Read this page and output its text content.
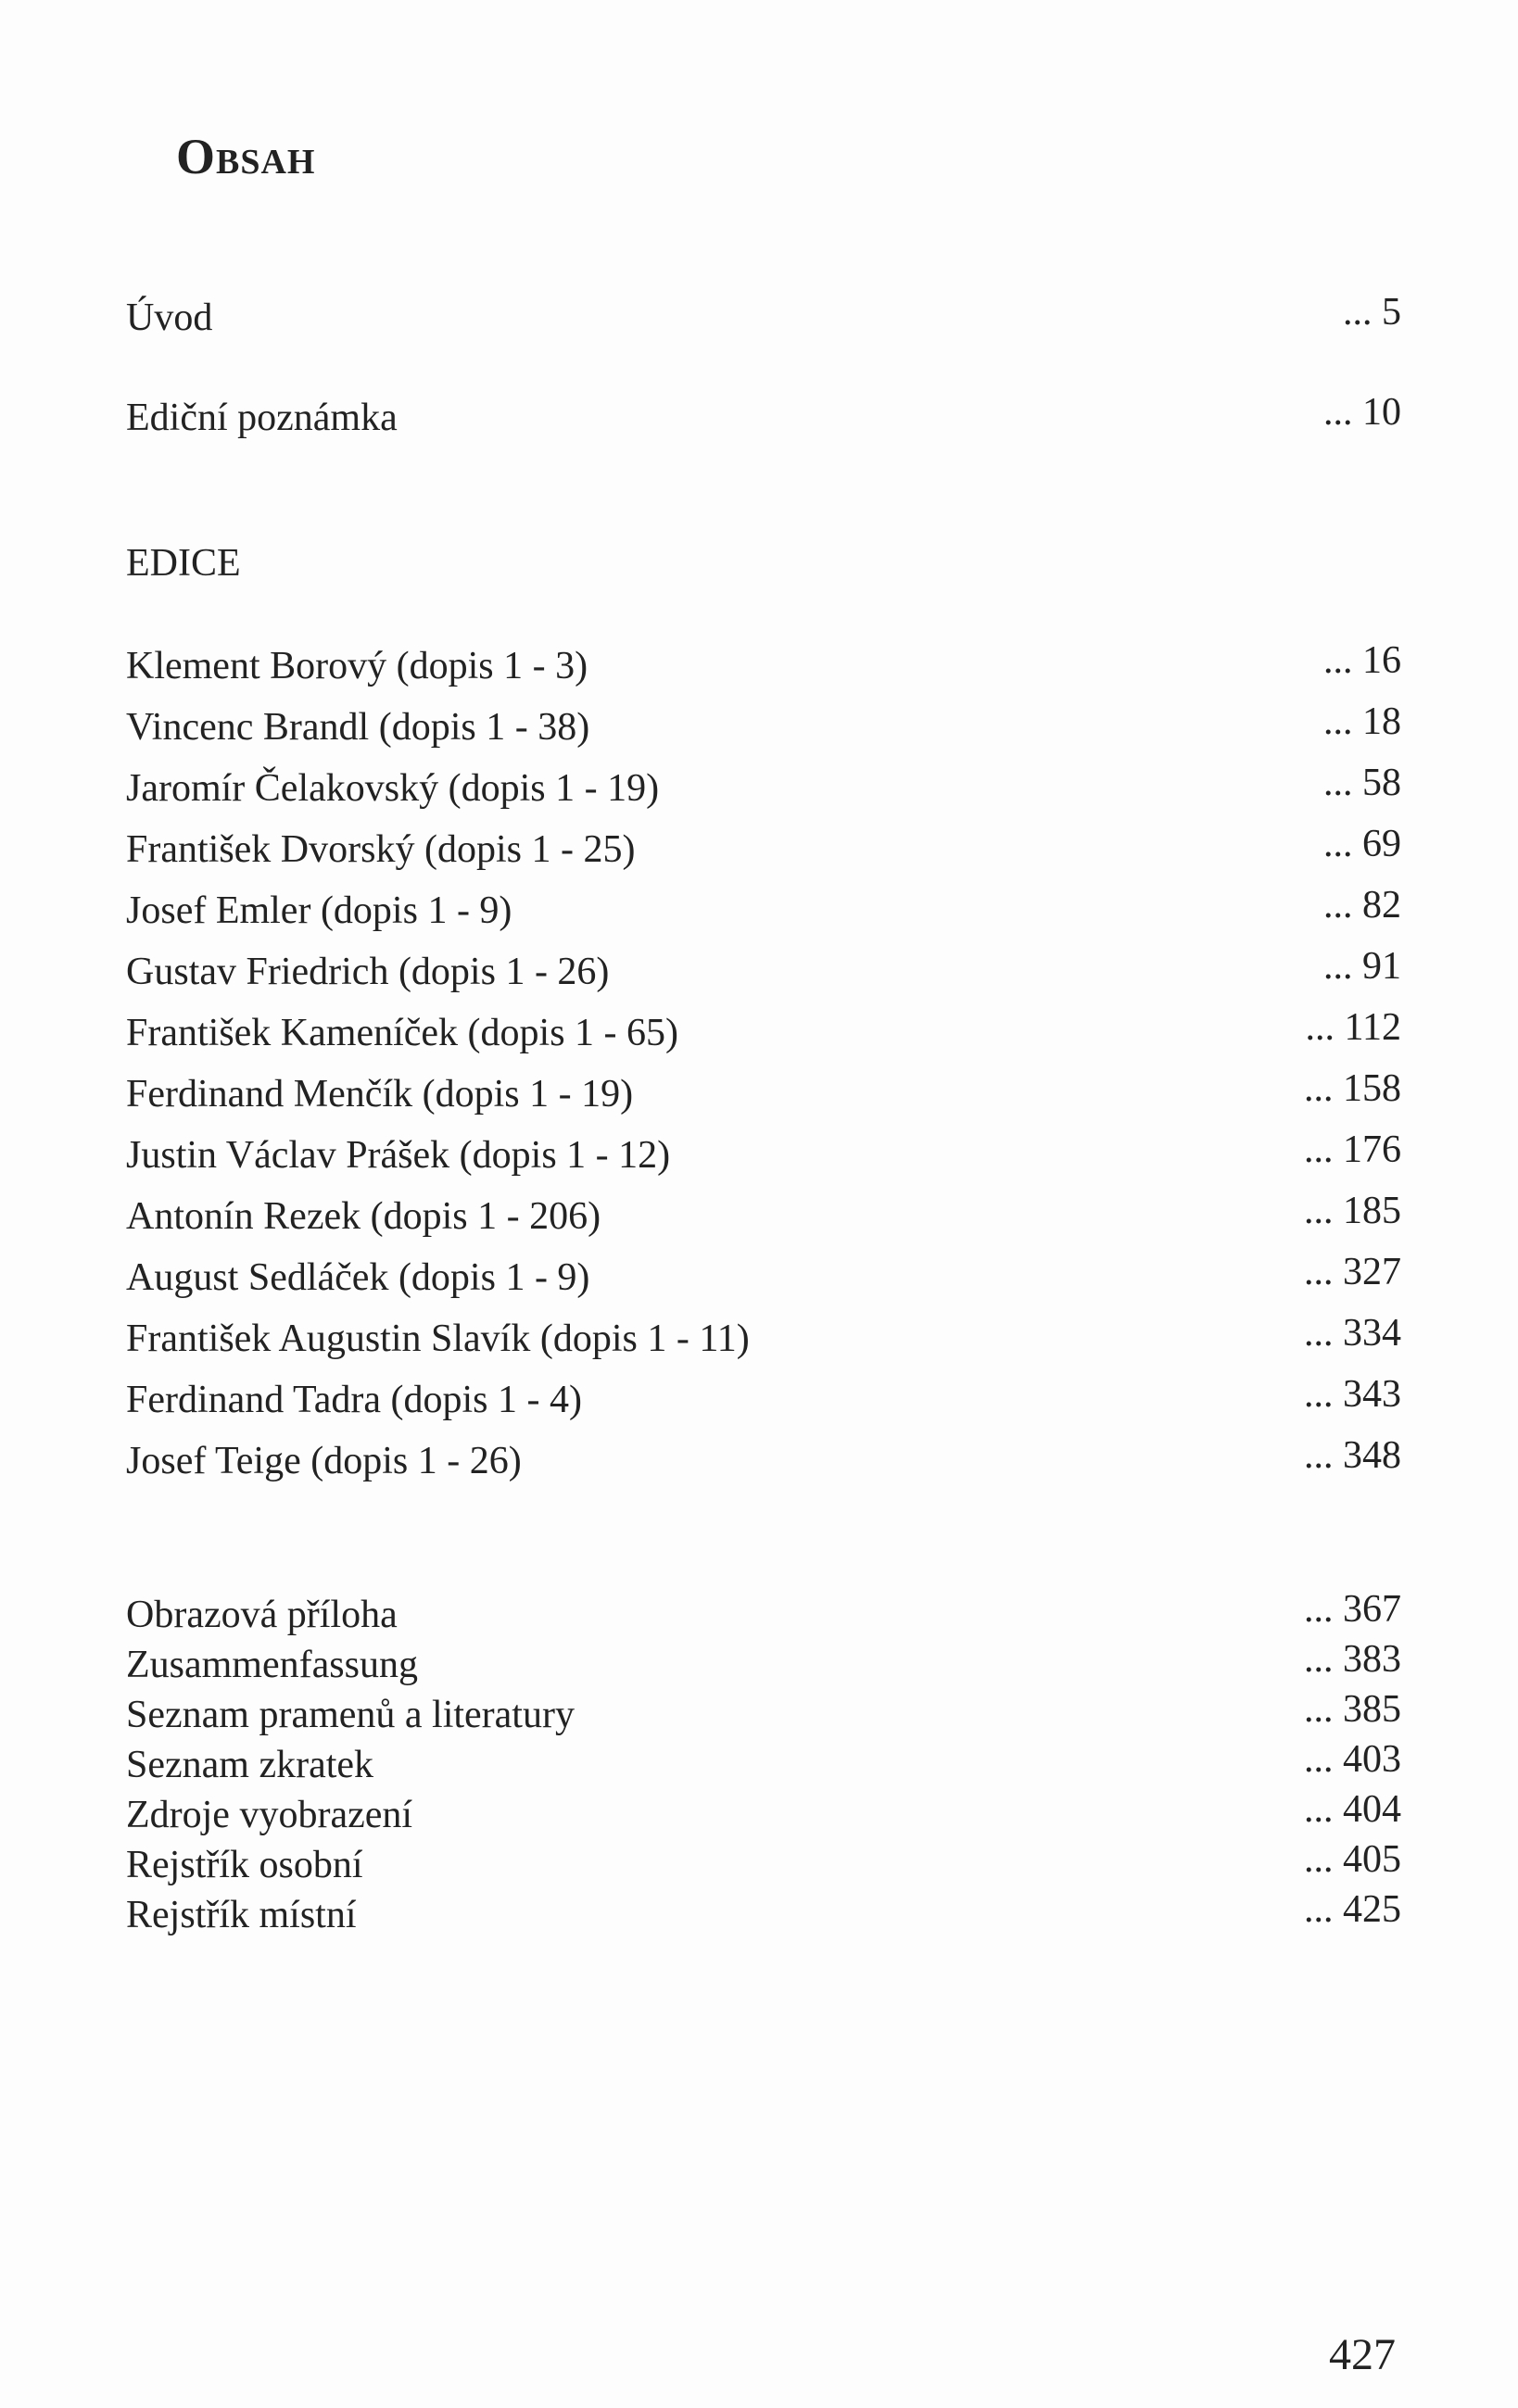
Obsah
Úvod	... 5
Ediční poznámka	... 10
EDICE
Klement Borový (dopis 1 - 3)	... 16
Vincenc Brandl (dopis 1 - 38)	... 18
Jaromír Čelakovský (dopis 1 - 19)	... 58
František Dvorský (dopis 1 - 25)	... 69
Josef Emler (dopis 1 - 9)	... 82
Gustav Friedrich (dopis 1 - 26)	... 91
František Kameníček (dopis 1 - 65)	... 112
Ferdinand Menčík (dopis 1 - 19)	... 158
Justin Václav Prášek (dopis 1 - 12)	... 176
Antonín Rezek (dopis 1 - 206)	... 185
August Sedláček (dopis 1 - 9)	... 327
František Augustin Slavík (dopis 1 - 11)	... 334
Ferdinand Tadra (dopis 1 - 4)	... 343
Josef Teige (dopis 1 - 26)	... 348
Obrazová příloha	... 367
Zusammenfassung	... 383
Seznam pramenů a literatury	... 385
Seznam zkratek	... 403
Zdroje vyobrazení	... 404
Rejstřík osobní	... 405
Rejstřík místní	... 425
427
